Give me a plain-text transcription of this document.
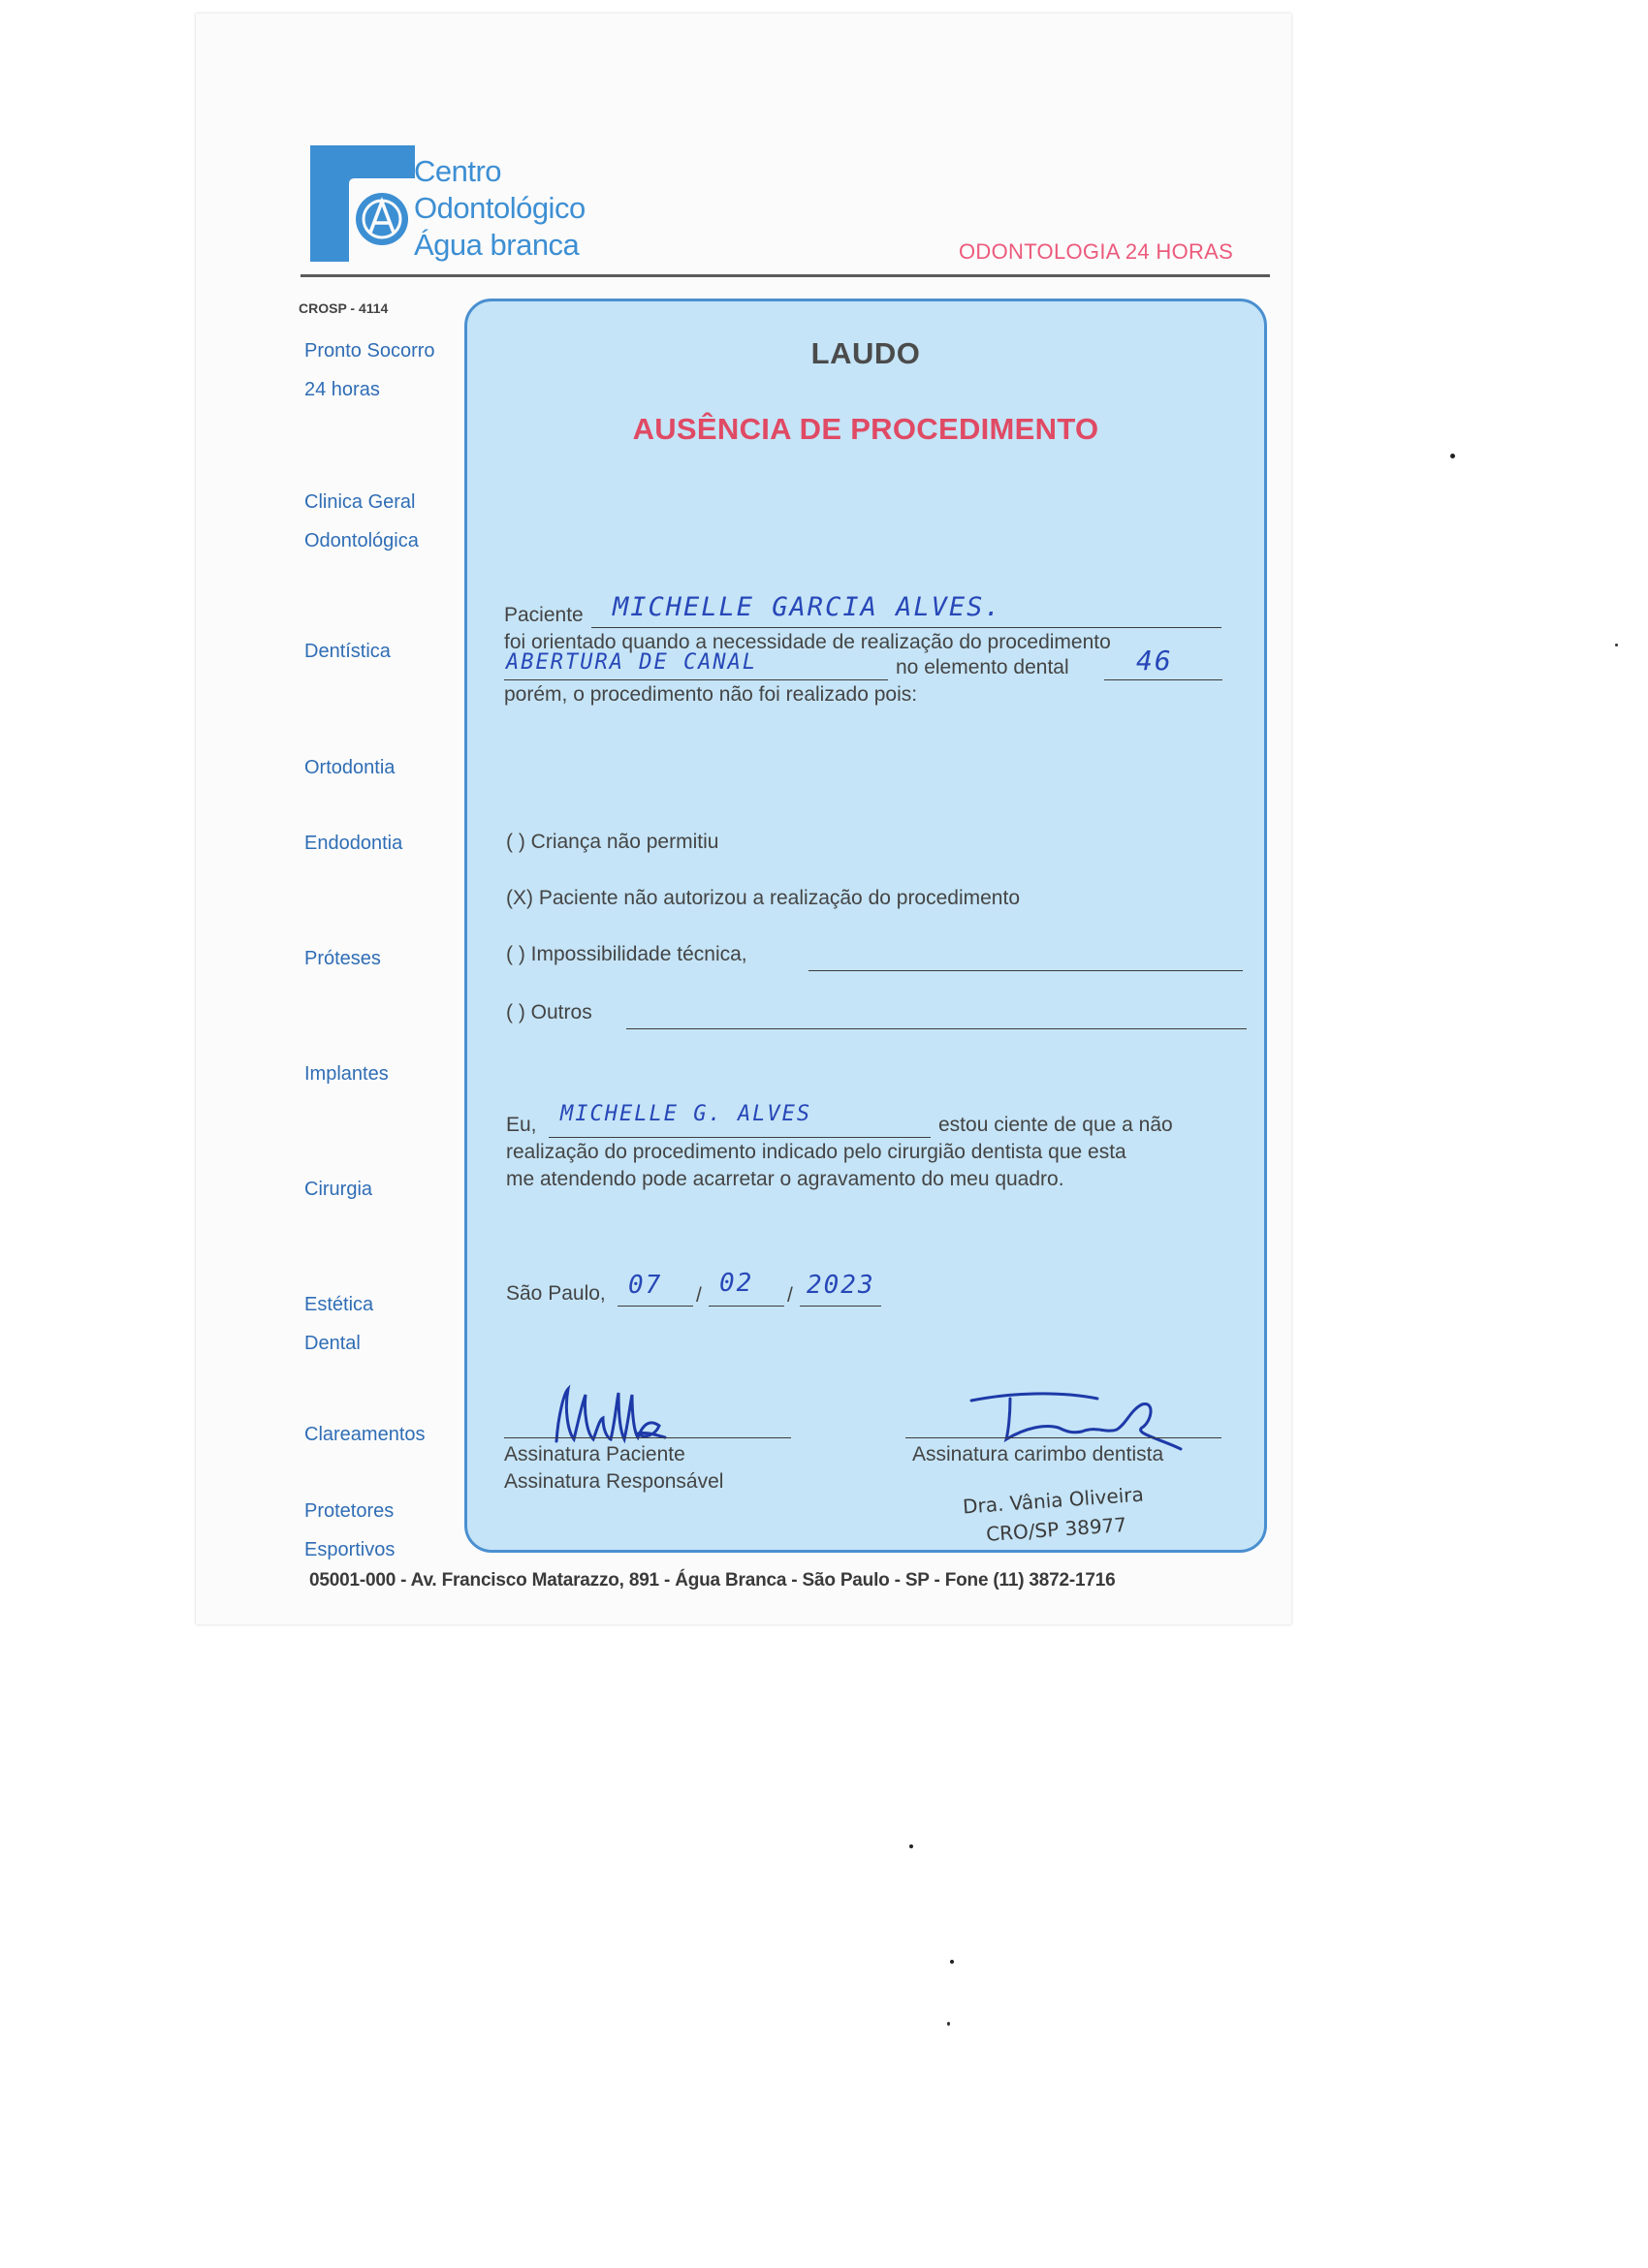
Centro
Odontológico
Água branca	ODONTOLOGIA 24 HORAS
CROSP - 4114
Pronto Socorro
24 horas
Clinica Geral
Odontológica
Dentística
Ortodontia
Endodontia
Próteses
Implantes
Cirurgia
Estética
Dental
Clareamentos
Protetores
Esportivos
LAUDO
AUSÊNCIA DE PROCEDIMENTO
Paciente MICHELLE GARCIA ALVES.
foi orientado quando a necessidade de realização do procedimento
ABERTURA DE CANAL	no elemento dental 46
porém, o procedimento não foi realizado pois:
( ) Criança não permitiu
(X) Paciente não autorizou a realização do procedimento
( ) Impossibilidade técnica,
( ) Outros
Eu, MICHELLE G. ALVES	estou ciente de que a não
realização do procedimento indicado pelo cirurgião dentista que esta
me atendendo pode acarretar o agravamento do meu quadro.
São Paulo, 07 / 02 / 2023
Assinatura Paciente
Assinatura Responsável
Assinatura carimbo dentista
Dra. Vânia Oliveira
CRO/SP 38977
05001-000 - Av. Francisco Matarazzo, 891 - Água Branca - São Paulo - SP - Fone (11) 3872-1716
